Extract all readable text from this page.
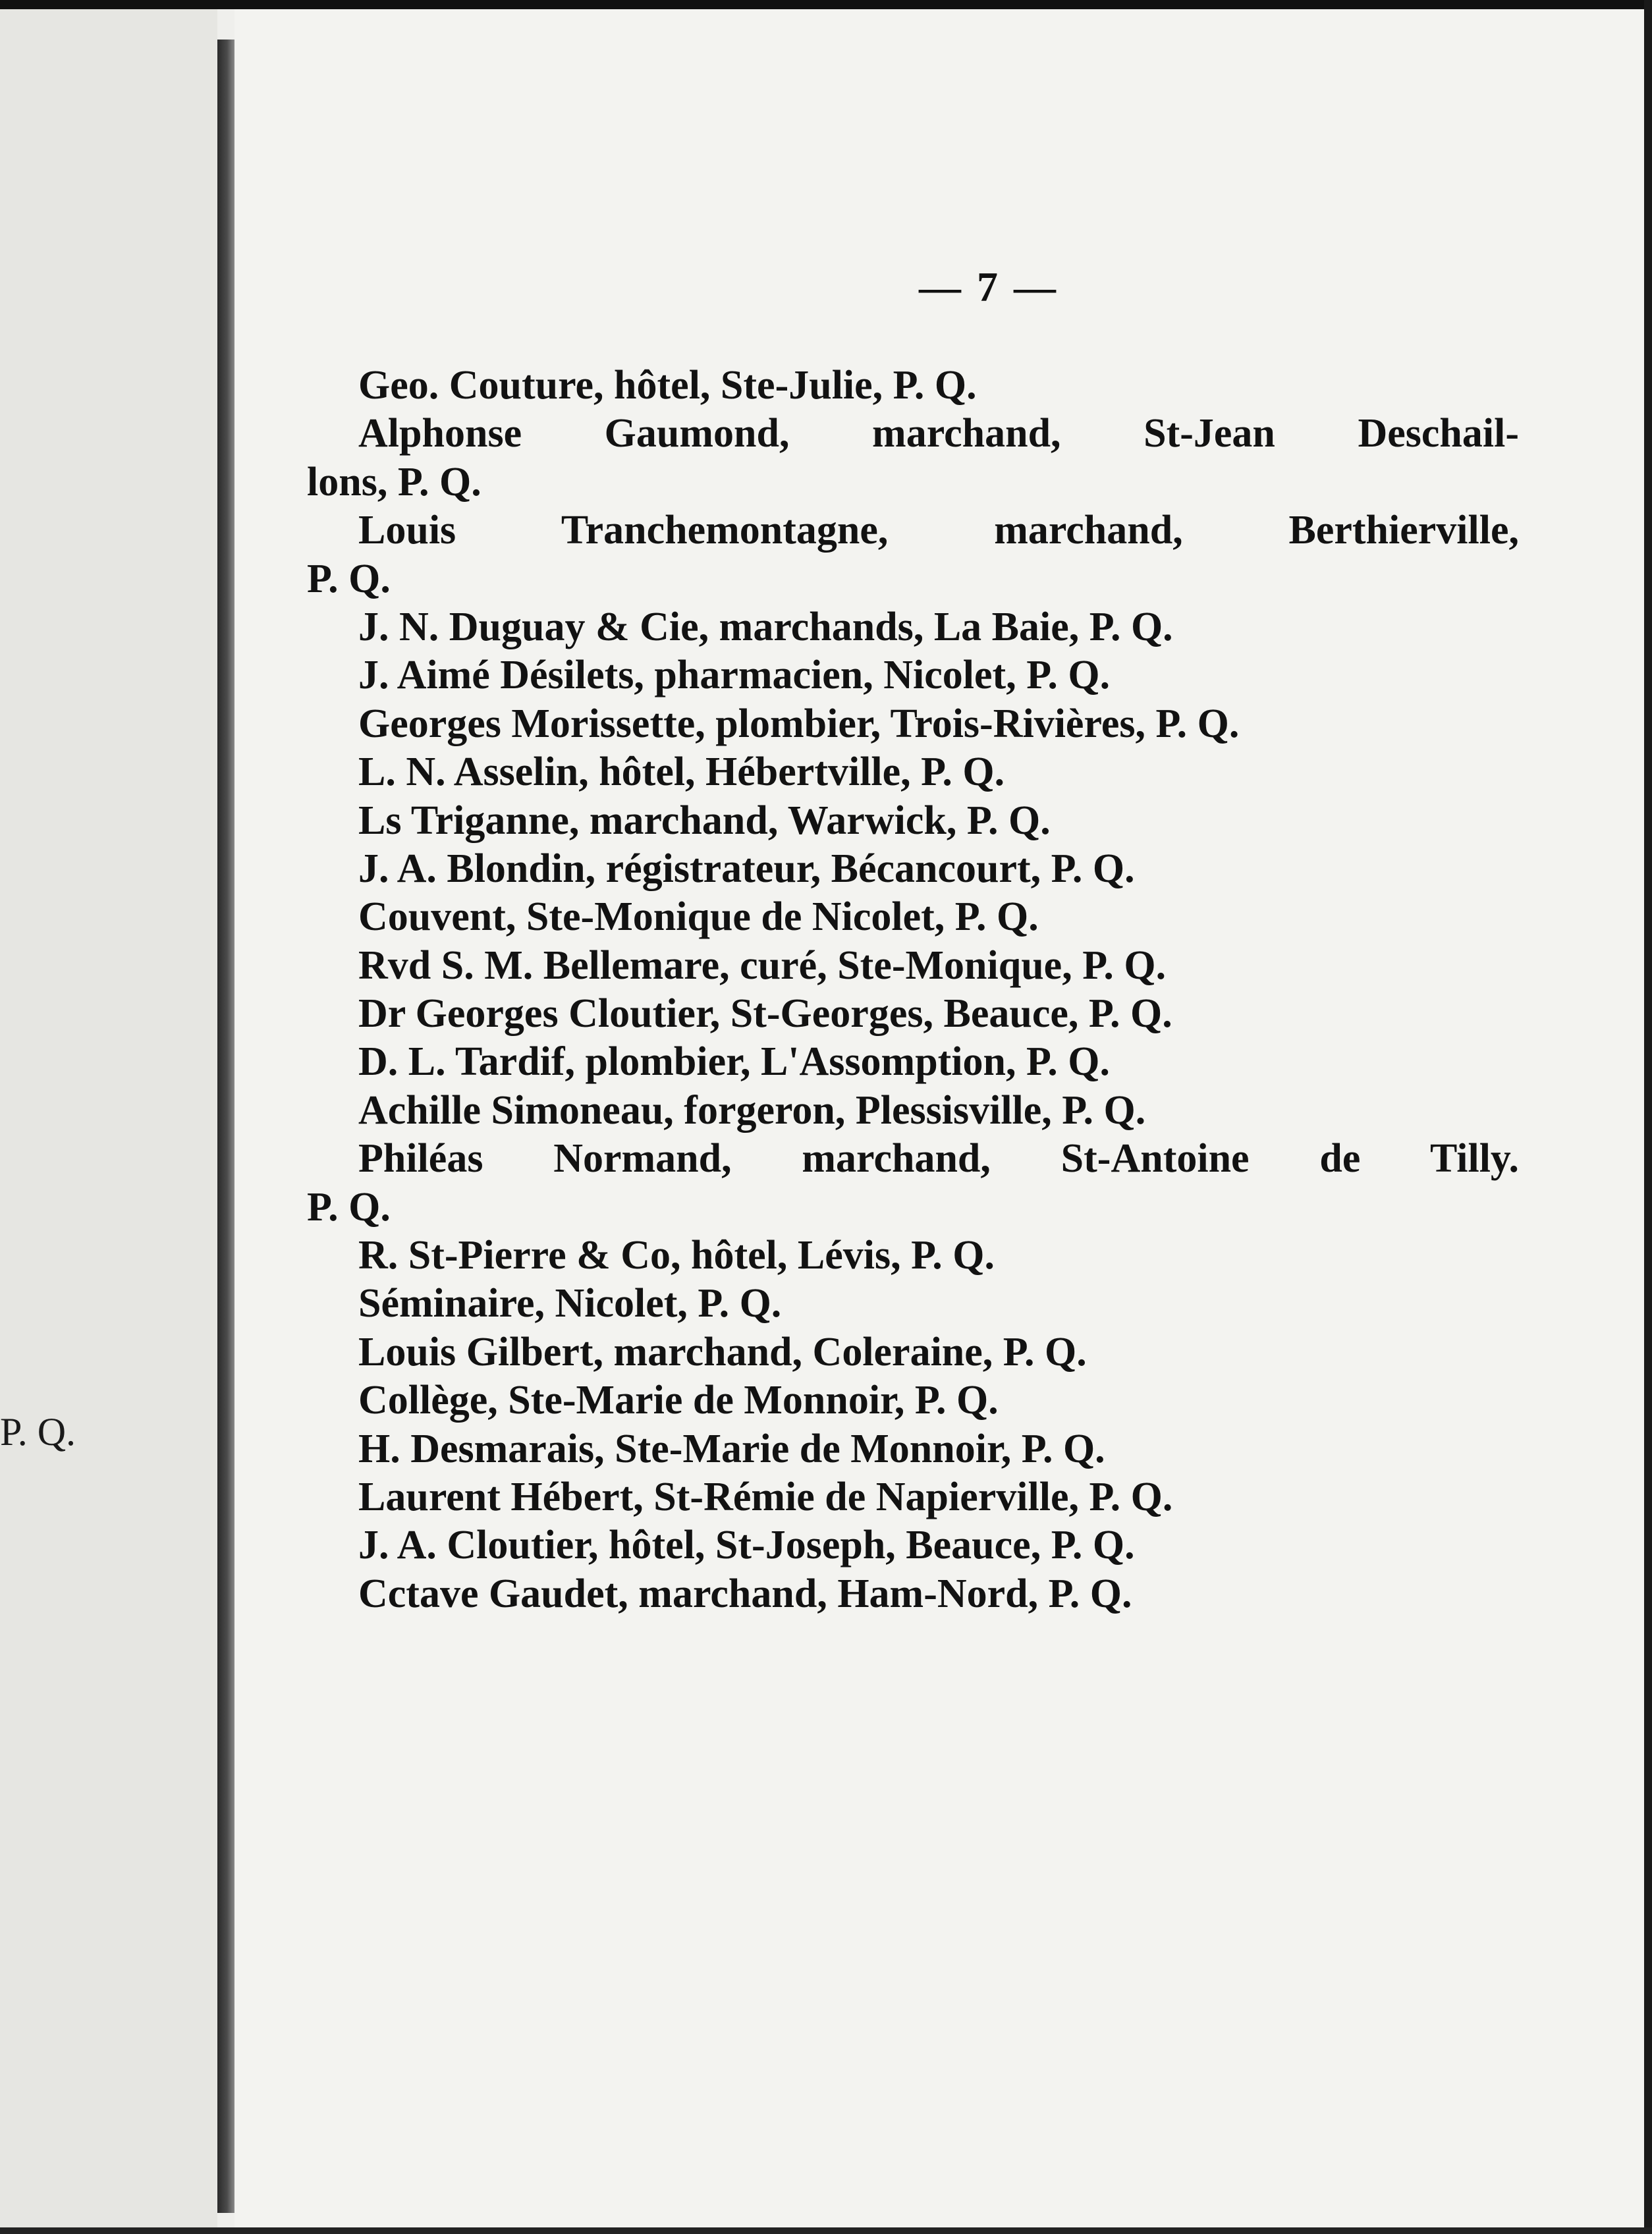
P. Q.
— 7 —
Geo. Couture, hôtel, Ste-Julie, P. Q.
Alphonse Gaumond, marchand, St-Jean Deschail-
lons, P. Q.
Louis Tranchemontagne, marchand, Berthierville,
P. Q.
J. N. Duguay & Cie, marchands, La Baie, P. Q.
J. Aimé Désilets, pharmacien, Nicolet, P. Q.
Georges Morissette, plombier, Trois-Rivières, P. Q.
L. N. Asselin, hôtel, Hébertville, P. Q.
Ls Triganne, marchand, Warwick, P. Q.
J. A. Blondin, régistrateur, Bécancourt, P. Q.
Couvent, Ste-Monique de Nicolet, P. Q.
Rvd S. M. Bellemare, curé, Ste-Monique, P. Q.
Dr Georges Cloutier, St-Georges, Beauce, P. Q.
D. L. Tardif, plombier, L'Assomption, P. Q.
Achille Simoneau, forgeron, Plessisville, P. Q.
Philéas Normand, marchand, St-Antoine de Tilly.
P. Q.
R. St-Pierre & Co, hôtel, Lévis, P. Q.
Séminaire, Nicolet, P. Q.
Louis Gilbert, marchand, Coleraine, P. Q.
Collège, Ste-Marie de Monnoir, P. Q.
H. Desmarais, Ste-Marie de Monnoir, P. Q.
Laurent Hébert, St-Rémie de Napierville, P. Q.
J. A. Cloutier, hôtel, St-Joseph, Beauce, P. Q.
Cctave Gaudet, marchand, Ham-Nord, P. Q.
